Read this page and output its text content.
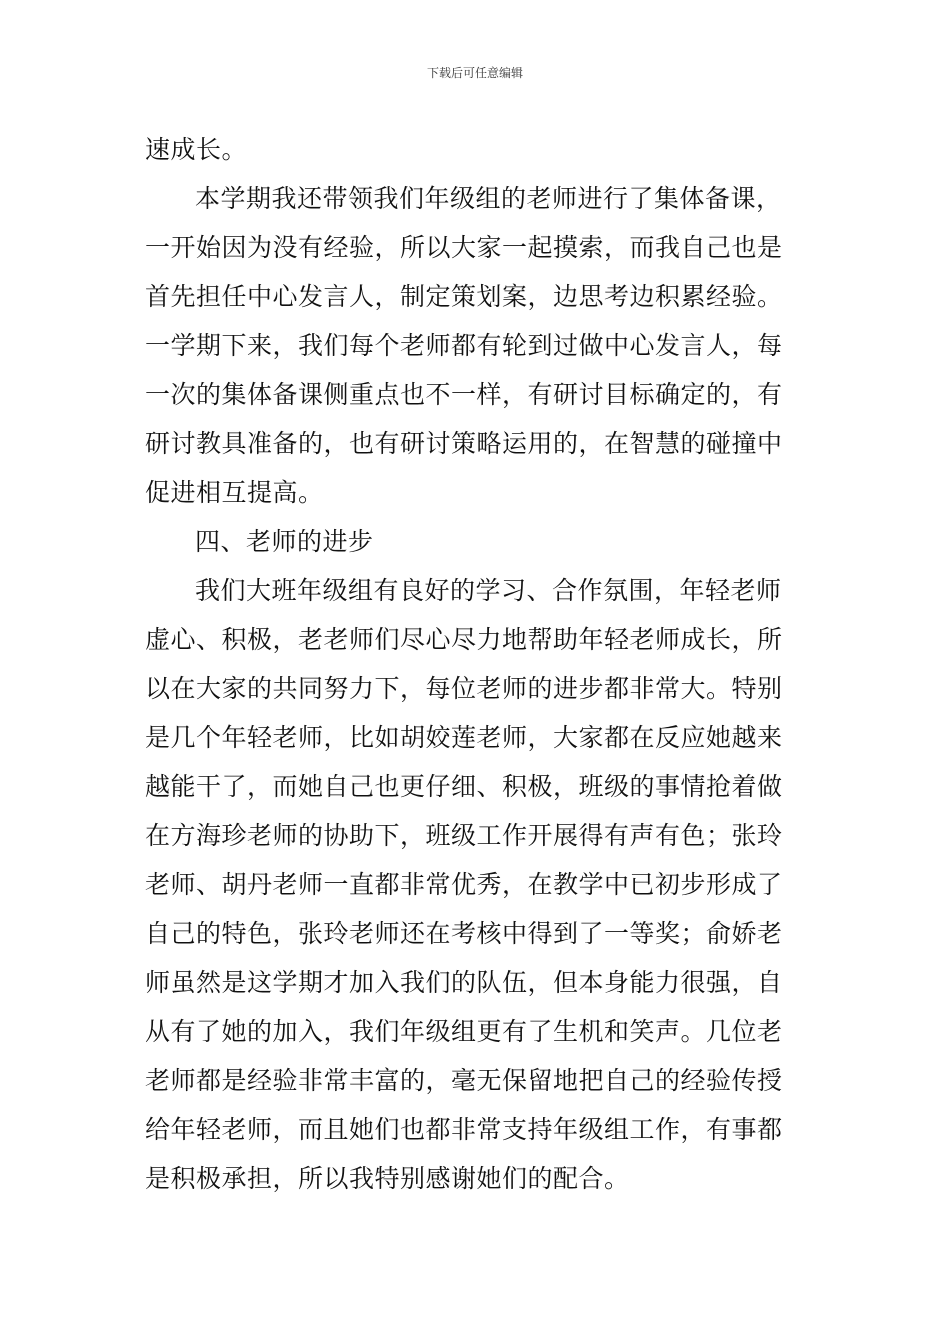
下载后可任意编辑
速成长。
本学期我还带领我们年级组的老师进行了集体备课，
一开始因为没有经验，所以大家一起摸索，而我自己也是
首先担任中心发言人，制定策划案，边思考边积累经验。
一学期下来，我们每个老师都有轮到过做中心发言人，每
一次的集体备课侧重点也不一样，有研讨目标确定的，有
研讨教具准备的，也有研讨策略运用的，在智慧的碰撞中
促进相互提高。
四、老师的进步
我们大班年级组有良好的学习、合作氛围，年轻老师
虚心、积极，老老师们尽心尽力地帮助年轻老师成长，所
以在大家的共同努力下，每位老师的进步都非常大。特别
是几个年轻老师，比如胡姣莲老师，大家都在反应她越来
越能干了，而她自己也更仔细、积极，班级的事情抢着做
在方海珍老师的协助下，班级工作开展得有声有色；张玲
老师、胡丹老师一直都非常优秀，在教学中已初步形成了
自己的特色，张玲老师还在考核中得到了一等奖；俞娇老
师虽然是这学期才加入我们的队伍，但本身能力很强，自
从有了她的加入，我们年级组更有了生机和笑声。几位老
老师都是经验非常丰富的，毫无保留地把自己的经验传授
给年轻老师，而且她们也都非常支持年级组工作，有事都
是积极承担，所以我特别感谢她们的配合。
